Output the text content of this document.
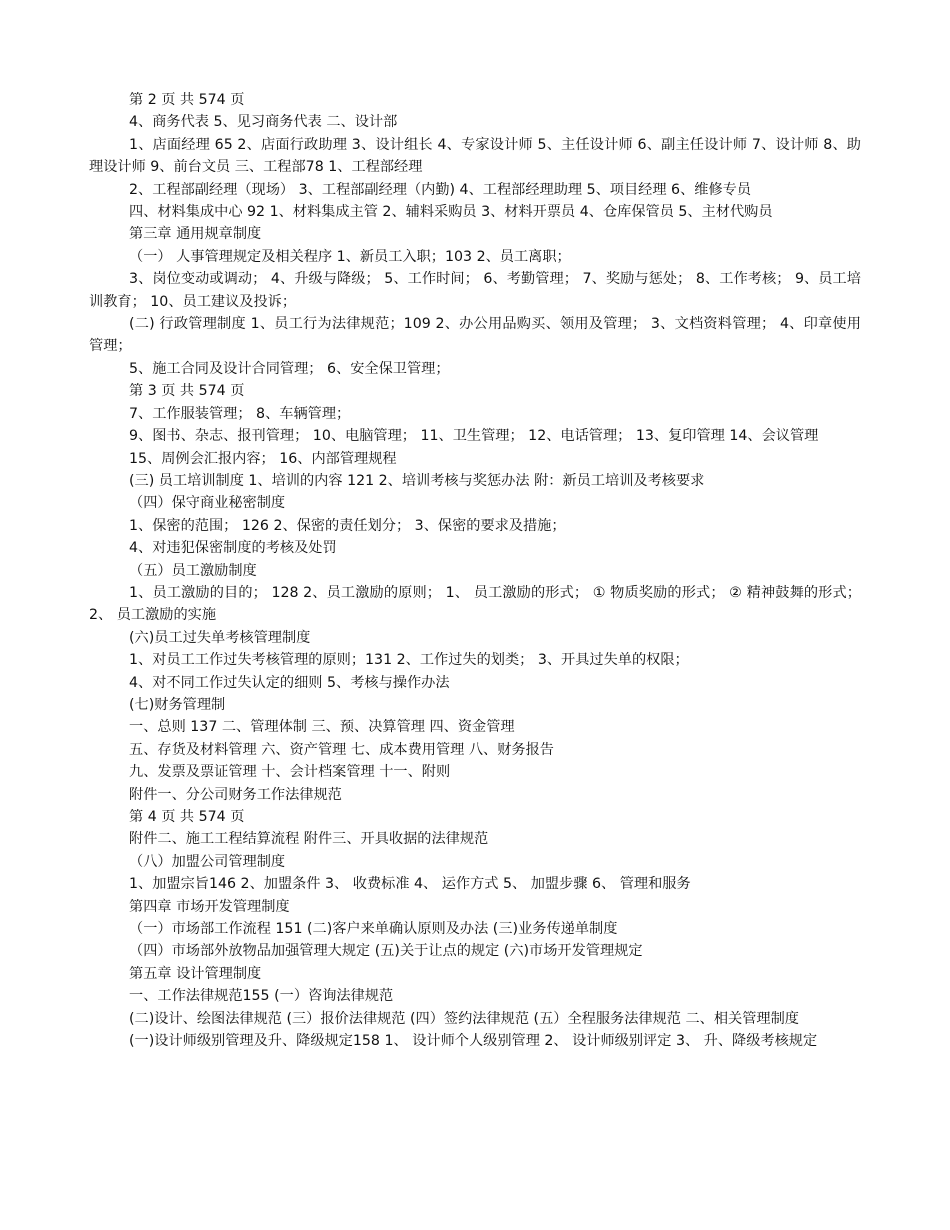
第 2 页 共 574 页

4、商务代表 5、见习商务代表 二、设计部

1、店面经理 65 2、店面行政助理 3、设计组长 4、专家设计师 5、主任设计师 6、副主任设计师 7、设计师 8、助理设计师 9、前台文员 三、工程部78 1、工程部经理

2、工程部副经理（现场） 3、工程部副经理（内勤) 4、工程部经理助理 5、项目经理 6、维修专员

四、材料集成中心 92 1、材料集成主管 2、辅料采购员 3、材料开票员 4、仓库保管员 5、主材代购员

第三章 通用规章制度

（一） 人事管理规定及相关程序 1、新员工入职；103 2、员工离职；

3、岗位变动或调动； 4、升级与降级； 5、工作时间； 6、考勤管理； 7、奖励与惩处； 8、工作考核； 9、员工培训教育； 10、员工建议及投诉；

(二) 行政管理制度 1、员工行为法律规范；109 2、办公用品购买、领用及管理； 3、文档资料管理； 4、印章使用管理；

5、施工合同及设计合同管理； 6、安全保卫管理；

第 3 页 共 574 页

7、工作服装管理； 8、车辆管理；

9、图书、杂志、报刊管理； 10、电脑管理； 11、卫生管理； 12、电话管理； 13、复印管理 14、会议管理

15、周例会汇报内容； 16、内部管理规程

(三) 员工培训制度 1、培训的内容 121 2、培训考核与奖惩办法 附：新员工培训及考核要求

（四）保守商业秘密制度

1、保密的范围； 126 2、保密的责任划分； 3、保密的要求及措施；

4、对违犯保密制度的考核及处罚

（五）员工激励制度

1、员工激励的目的； 128 2、员工激励的原则； 1、 员工激励的形式； ① 物质奖励的形式； ② 精神鼓舞的形式； 2、 员工激励的实施

(六)员工过失单考核管理制度

1、对员工工作过失考核管理的原则；131 2、工作过失的划类； 3、开具过失单的权限；

4、对不同工作过失认定的细则 5、考核与操作办法

(七)财务管理制

一、总则 137 二、管理体制 三、预、决算管理 四、资金管理

五、存货及材料管理 六、资产管理 七、成本费用管理 八、财务报告

九、发票及票证管理 十、会计档案管理 十一、附则

附件一、分公司财务工作法律规范

第 4 页 共 574 页

附件二、施工工程结算流程 附件三、开具收据的法律规范

（八）加盟公司管理制度

1、加盟宗旨146 2、加盟条件 3、 收费标准 4、 运作方式 5、 加盟步骤 6、 管理和服务

第四章 市场开发管理制度

（一）市场部工作流程 151 (二)客户来单确认原则及办法 (三)业务传递单制度

（四）市场部外放物品加强管理大规定 (五)关于让点的规定 (六)市场开发管理规定

第五章 设计管理制度

一、工作法律规范155 (一）咨询法律规范

(二)设计、绘图法律规范 (三）报价法律规范 (四）签约法律规范 (五）全程服务法律规范 二、相关管理制度

(一)设计师级别管理及升、降级规定158 1、 设计师个人级别管理 2、 设计师级别评定 3、 升、降级考核规定
